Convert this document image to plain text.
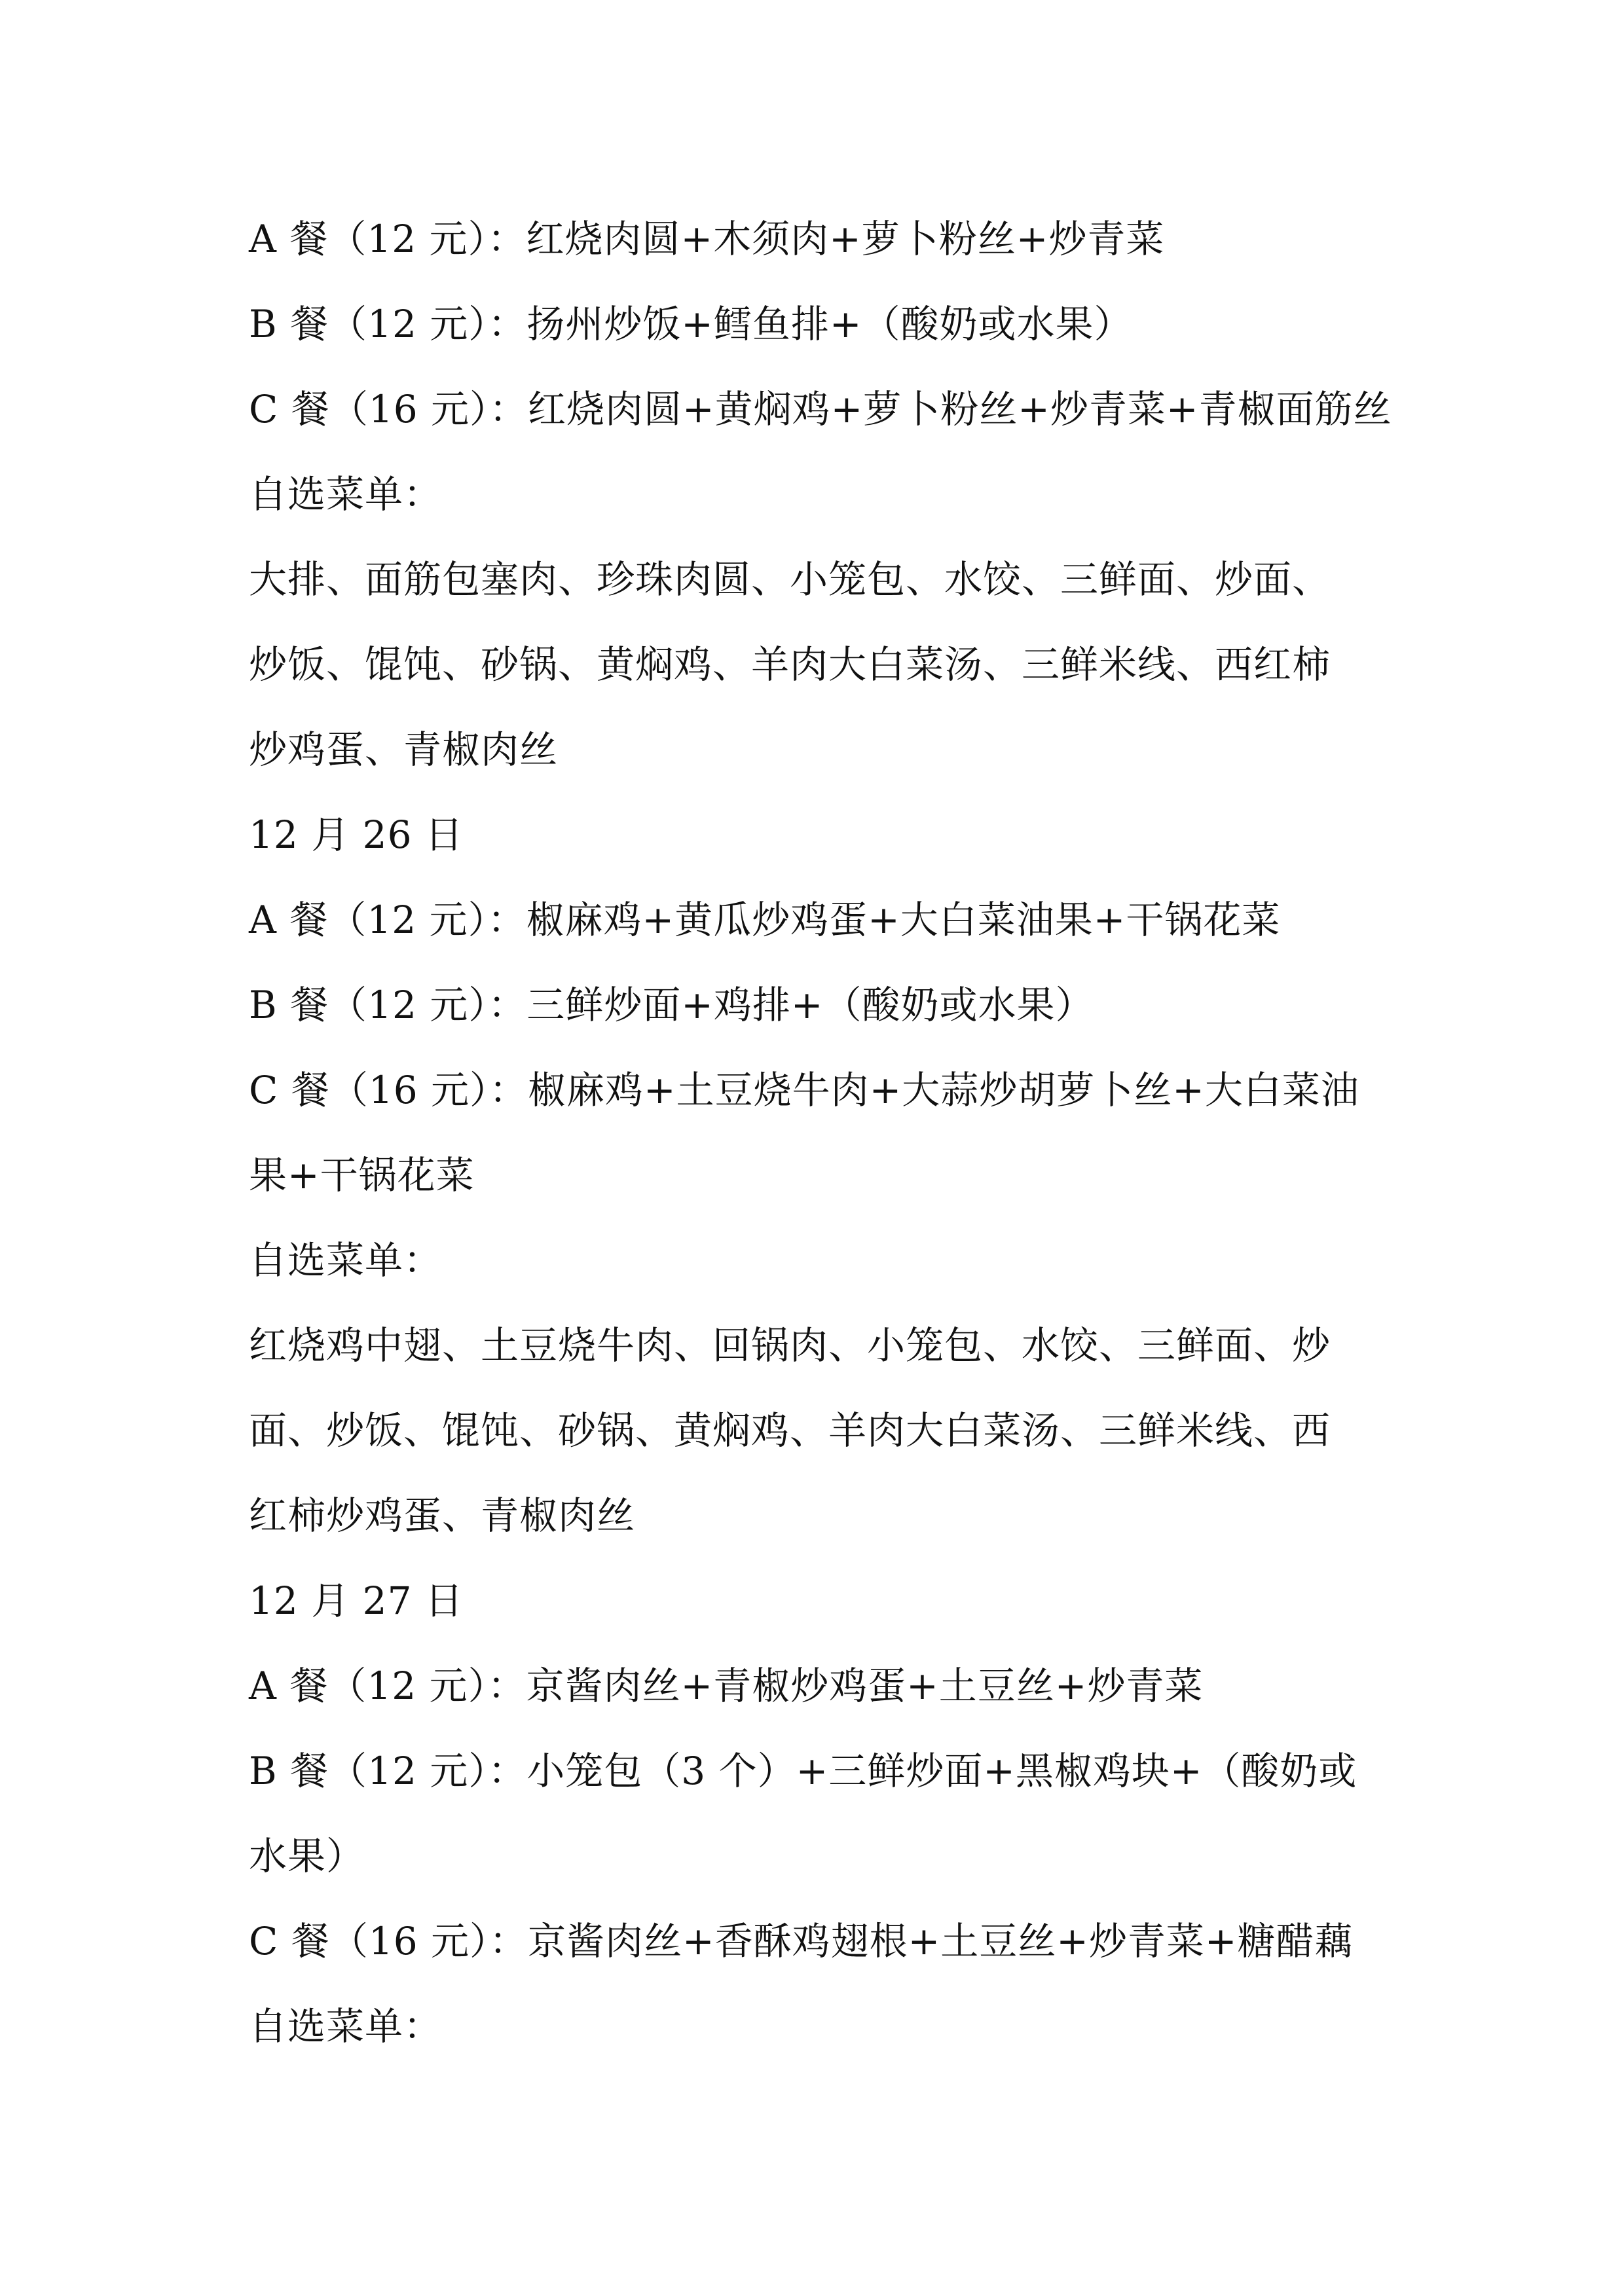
A 餐（12 元）：红烧肉圆+木须肉+萝卜粉丝+炒青菜
B 餐（12 元）：扬州炒饭+鳕鱼排+（酸奶或水果）
C 餐（16 元）：红烧肉圆+黄焖鸡+萝卜粉丝+炒青菜+青椒面筋丝
自选菜单：
大排、面筋包塞肉、珍珠肉圆、小笼包、水饺、三鲜面、炒面、
炒饭、馄饨、砂锅、黄焖鸡、羊肉大白菜汤、三鲜米线、西红柿
炒鸡蛋、青椒肉丝
12 月 26 日
A 餐（12 元）：椒麻鸡+黄瓜炒鸡蛋+大白菜油果+干锅花菜
B 餐（12 元）：三鲜炒面+鸡排+（酸奶或水果）
C 餐（16 元）：椒麻鸡+土豆烧牛肉+大蒜炒胡萝卜丝+大白菜油
果+干锅花菜
自选菜单：
红烧鸡中翅、土豆烧牛肉、回锅肉、小笼包、水饺、三鲜面、炒
面、炒饭、馄饨、砂锅、黄焖鸡、羊肉大白菜汤、三鲜米线、西
红柿炒鸡蛋、青椒肉丝
12 月 27 日
A 餐（12 元）：京酱肉丝+青椒炒鸡蛋+土豆丝+炒青菜
B 餐（12 元）：小笼包（3 个）+三鲜炒面+黑椒鸡块+（酸奶或
水果）
C 餐（16 元）：京酱肉丝+香酥鸡翅根+土豆丝+炒青菜+糖醋藕
自选菜单：
